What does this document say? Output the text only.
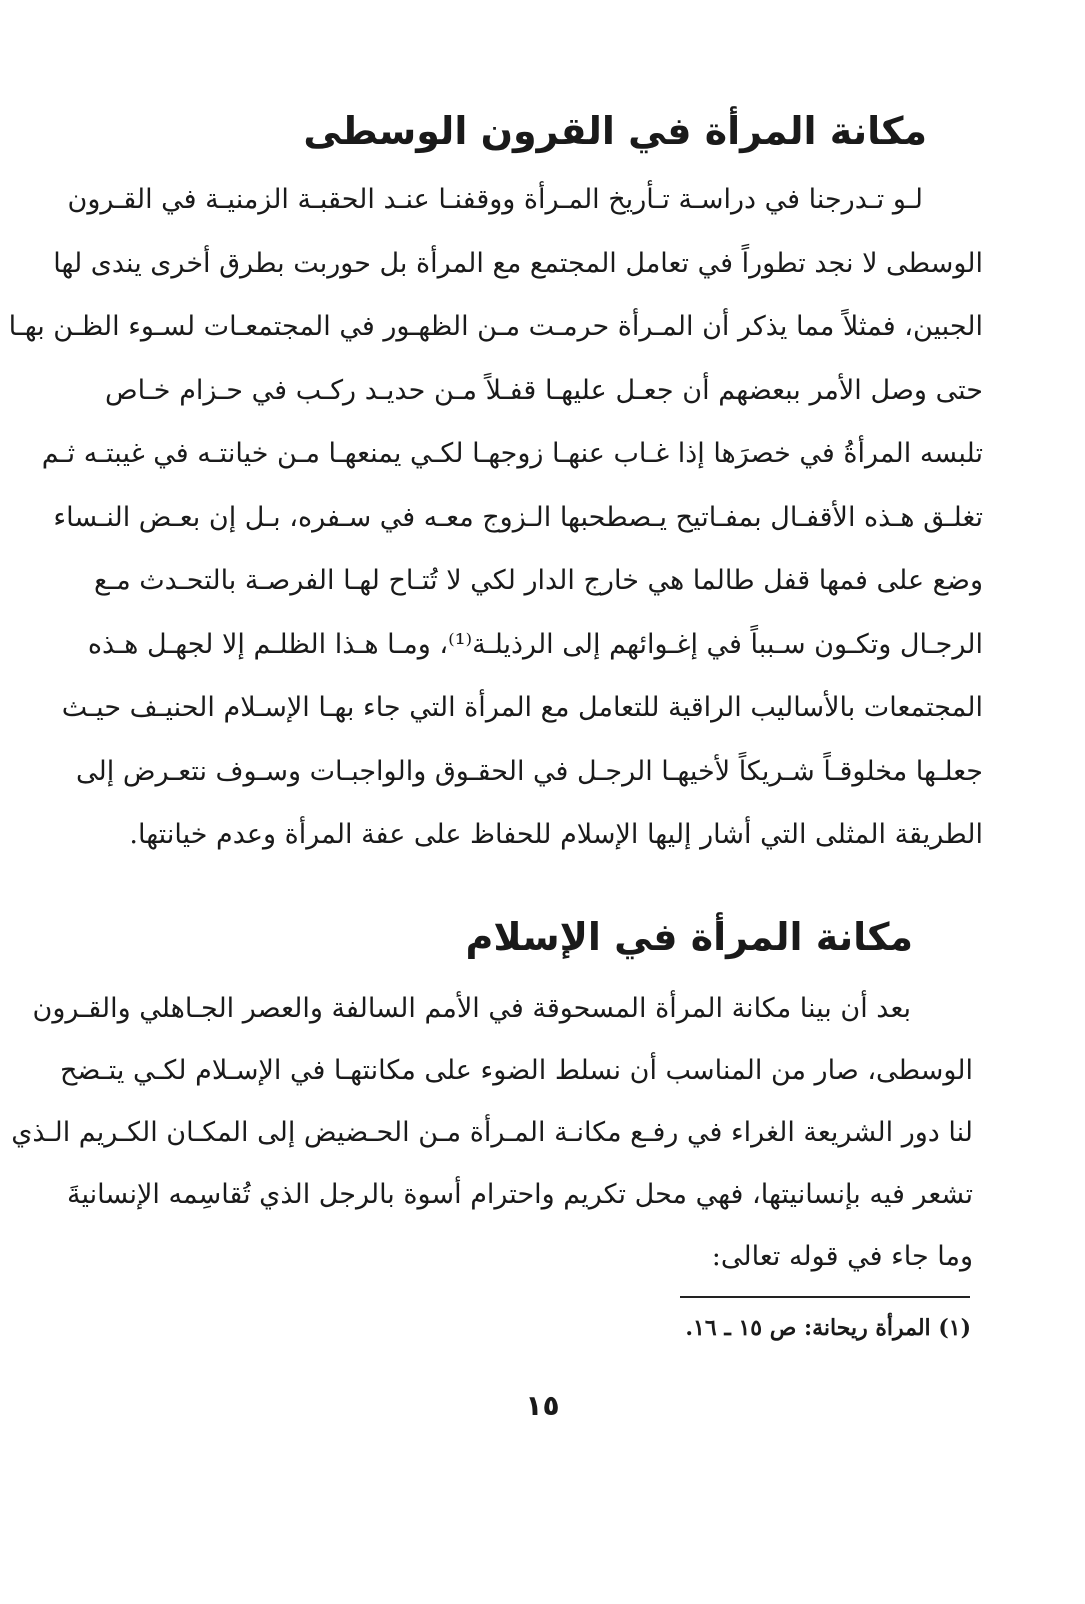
مكانة المرأة في القرون الوسطى
لـو تـدرجنا في دراسـة تـأريخ المـرأة ووقفنـا عنـد الحقبـة الزمنيـة في القـرون
الوسطى لا نجد تطوراً في تعامل المجتمع مع المرأة بل حوربت بطرق أخرى يندى لها
الجبين، فمثلاً مما يذكر أن المـرأة حرمـت مـن الظهـور في المجتمعـات لسـوء الظـن بهـا
حتى وصل الأمر ببعضهم أن جعـل عليهـا قفـلاً مـن حديـد ركـب في حـزام خـاص
تلبسه المرأةُ في خصرَها إذا غـاب عنهـا زوجهـا لكـي يمنعهـا مـن خيانتـه في غيبتـه ثـم
تغلـق هـذه الأقفـال بمفـاتيح يـصطحبها الـزوج معـه في سـفره، بـل إن بعـض النـساء
وضع على فمها قفل طالما هي خارج الدار لكي لا تُتـاح لهـا الفرصـة بالتحـدث مـع
الرجـال وتكـون سـبباً في إغـوائهم إلى الرذيلـة⁽¹⁾، ومـا هـذا الظلـم إلا لجهـل هـذه
المجتمعات بالأساليب الراقية للتعامل مع المرأة التي جاء بهـا الإسـلام الحنيـف حيـث
جعلـها مخلوقـاً شـريكاً لأخيهـا الرجـل في الحقـوق والواجبـات وسـوف نتعـرض إلى
الطريقة المثلى التي أشار إليها الإسلام للحفاظ على عفة المرأة وعدم خيانتها.
مكانة المرأة في الإسلام
بعد أن بينا مكانة المرأة المسحوقة في الأمم السالفة والعصر الجـاهلي والقـرون
الوسطى، صار من المناسب أن نسلط الضوء على مكانتهـا في الإسـلام لكـي يتـضح
لنا دور الشريعة الغراء في رفـع مكانـة المـرأة مـن الحـضيض إلى المكـان الكـريم الـذي
تشعر فيه بإنسانيتها، فهي محل تكريم واحترام أسوة بالرجل الذي تُقاسِمه الإنسانيةَ
وما جاء في قوله تعالى:
(١) المرأة ريحانة: ص ١٥ ـ ١٦.
١٥
